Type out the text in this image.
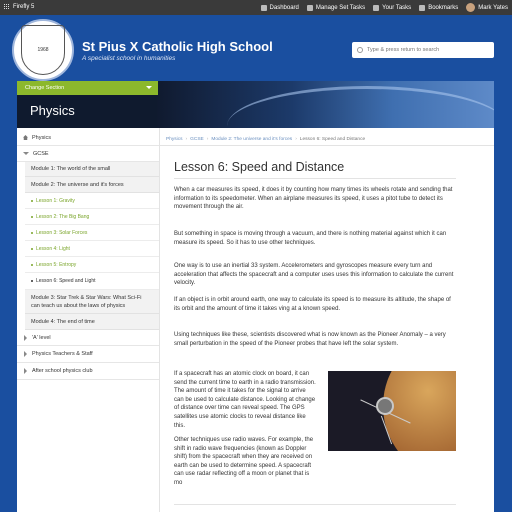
Firefly 5	Dashboard	Manage Set Tasks	Your Tasks	Bookmarks	Mark Yates
1968	St Pius X Catholic High School
A specialist school in humanities
Type & press return to search
Change Section
Physics
Physics
GCSE
Module 1: The world of the small
Module 2: The universe and it's forces
Lesson 1: Gravity
Lesson 2: The Big Bang
Lesson 3: Solar Forces
Lesson 4: Light
Lesson 5: Entropy
Lesson 6: Speed and Light
Module 3: Star Trek & Star Wars: What Sci-Fi
can teach us about the laws of physics
Module 4: The end of time
'A' level
Physics Teachers & Staff
After school physics club
Physics › GCSE › Module 2: The universe and it's forces › Lesson 6: Speed and Distance
Lesson 6: Speed and Distance
When a car measures its speed, it does it by counting how many times its wheels rotate and sending that information to its speedometer. When an airplane measures its speed, it uses a pitot tube to detect its movement through the air.
But something in space is moving through a vacuum, and there is nothing material against which it can measure its speed. So it has to use other techniques.
One way is to use an inertial 33 system. Accelerometers and gyroscopes measure every turn and acceleration that affects the spacecraft and a computer uses uses this information to calculate the current velocity.
If an object is in orbit around earth, one way to calculate its speed is to measure its altitude, the shape of its orbit and the amount of time it takes ving at a known speed.
Using techniques like these, scientists discovered what is now known as the Pioneer Anomaly – a very small perturbation in the speed of the Pioneer probes that have left the solar system.
If a spacecraft has an atomic clock on board, it can send the current time to earth in a radio transmission. The amount of time it takes for the signal to arrive can be used to calculate distance. Looking at change of distance over time can reveal speed. The GPS satellites use atomic clocks to reveal distance like this.
Other techniques use radio waves. For example, the shift in radio wave frequencies (known as Doppler shift) from the spacecraft when they are received on earth can be used to determine speed. A spacecraft can use radar reflecting off a moon or planet that is mo
